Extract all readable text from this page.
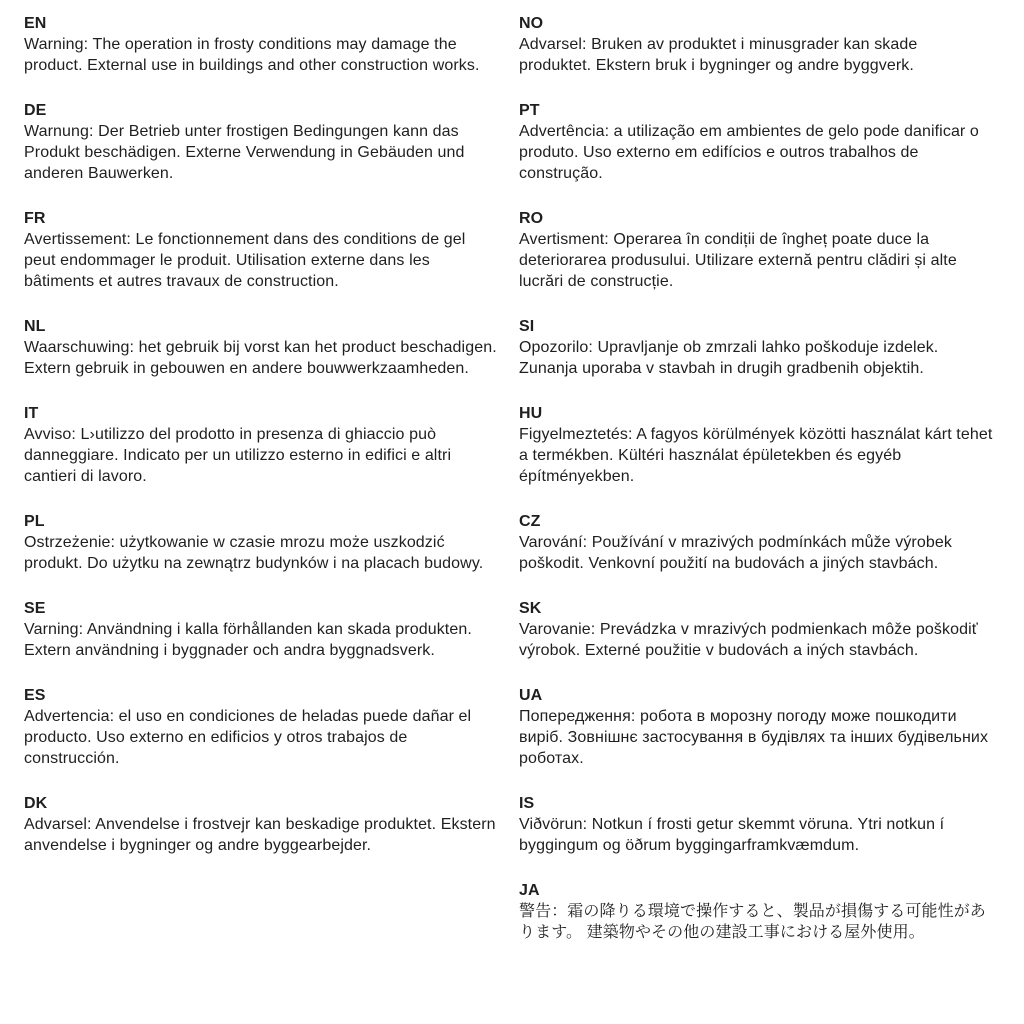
EN

Warning: The operation in frosty conditions may damage the product. External use in buildings and other construction works.

DE

Warnung: Der Betrieb unter frostigen Bedingungen kann das Produkt beschädigen. Externe Verwendung in Gebäuden und anderen Bauwerken.

FR

Avertissement: Le fonctionnement dans des conditions de gel peut endommager le produit. Utilisation externe dans les bâtiments et autres travaux de construction.

NL

Waarschuwing: het gebruik bij vorst kan het product beschadigen. Extern gebruik in gebouwen en andere bouwwerkzaamheden.

IT

Avviso: L›utilizzo del prodotto in presenza di ghiaccio può danneggiare. Indicato per un utilizzo esterno in edifici e altri cantieri di lavoro.

PL

Ostrzeżenie: użytkowanie w czasie mrozu może uszkodzić produkt. Do użytku na zewnątrz budynków i na placach budowy.

SE

Varning: Användning i kalla förhållanden kan skada produkten. Extern användning i byggnader och andra byggnadsverk.

ES

Advertencia: el uso en condiciones de heladas puede dañar el producto. Uso externo en edificios y otros trabajos de construcción.

DK

Advarsel: Anvendelse i frostvejr kan beskadige produktet. Ekstern anvendelse i bygninger og andre byggearbejder.

NO

Advarsel: Bruken av produktet i minusgrader kan skade produktet. Ekstern bruk i bygninger og andre byggverk.

PT

Advertência: a utilização em ambientes de gelo pode danificar o produto. Uso externo em edifícios e outros trabalhos de construção.

RO

Avertisment: Operarea în condiții de îngheț poate duce la deteriorarea produsului. Utilizare externă pentru clădiri și alte lucrări de construcție.

SI

Opozorilo: Upravljanje ob zmrzali lahko poškoduje izdelek. Zunanja uporaba v stavbah in drugih gradbenih objektih.

HU

Figyelmeztetés: A fagyos körülmények közötti használat kárt tehet a termékben. Kültéri használat épületekben és egyéb építményekben.

CZ

Varování: Používání v mrazivých podmínkách může výrobek poškodit. Venkovní použití na budovách a jiných stavbách.

SK

Varovanie: Prevádzka v mrazivých podmienkach môže poškodiť výrobok. Externé použitie v budovách a iných stavbách.

UA

Попередження: робота в морозну погоду може пошкодити виріб. Зовнішнє застосування в будівлях та інших будівельних роботах.

IS

Viðvörun: Notkun í frosti getur skemmt vöruna. Ytri notkun í byggingum og öðrum byggingarframkvæmdum.

JA

警告：霜の降りる環境で操作すると、製品が損傷する可能性があります。 建築物やその他の建設工事における屋外使用。
